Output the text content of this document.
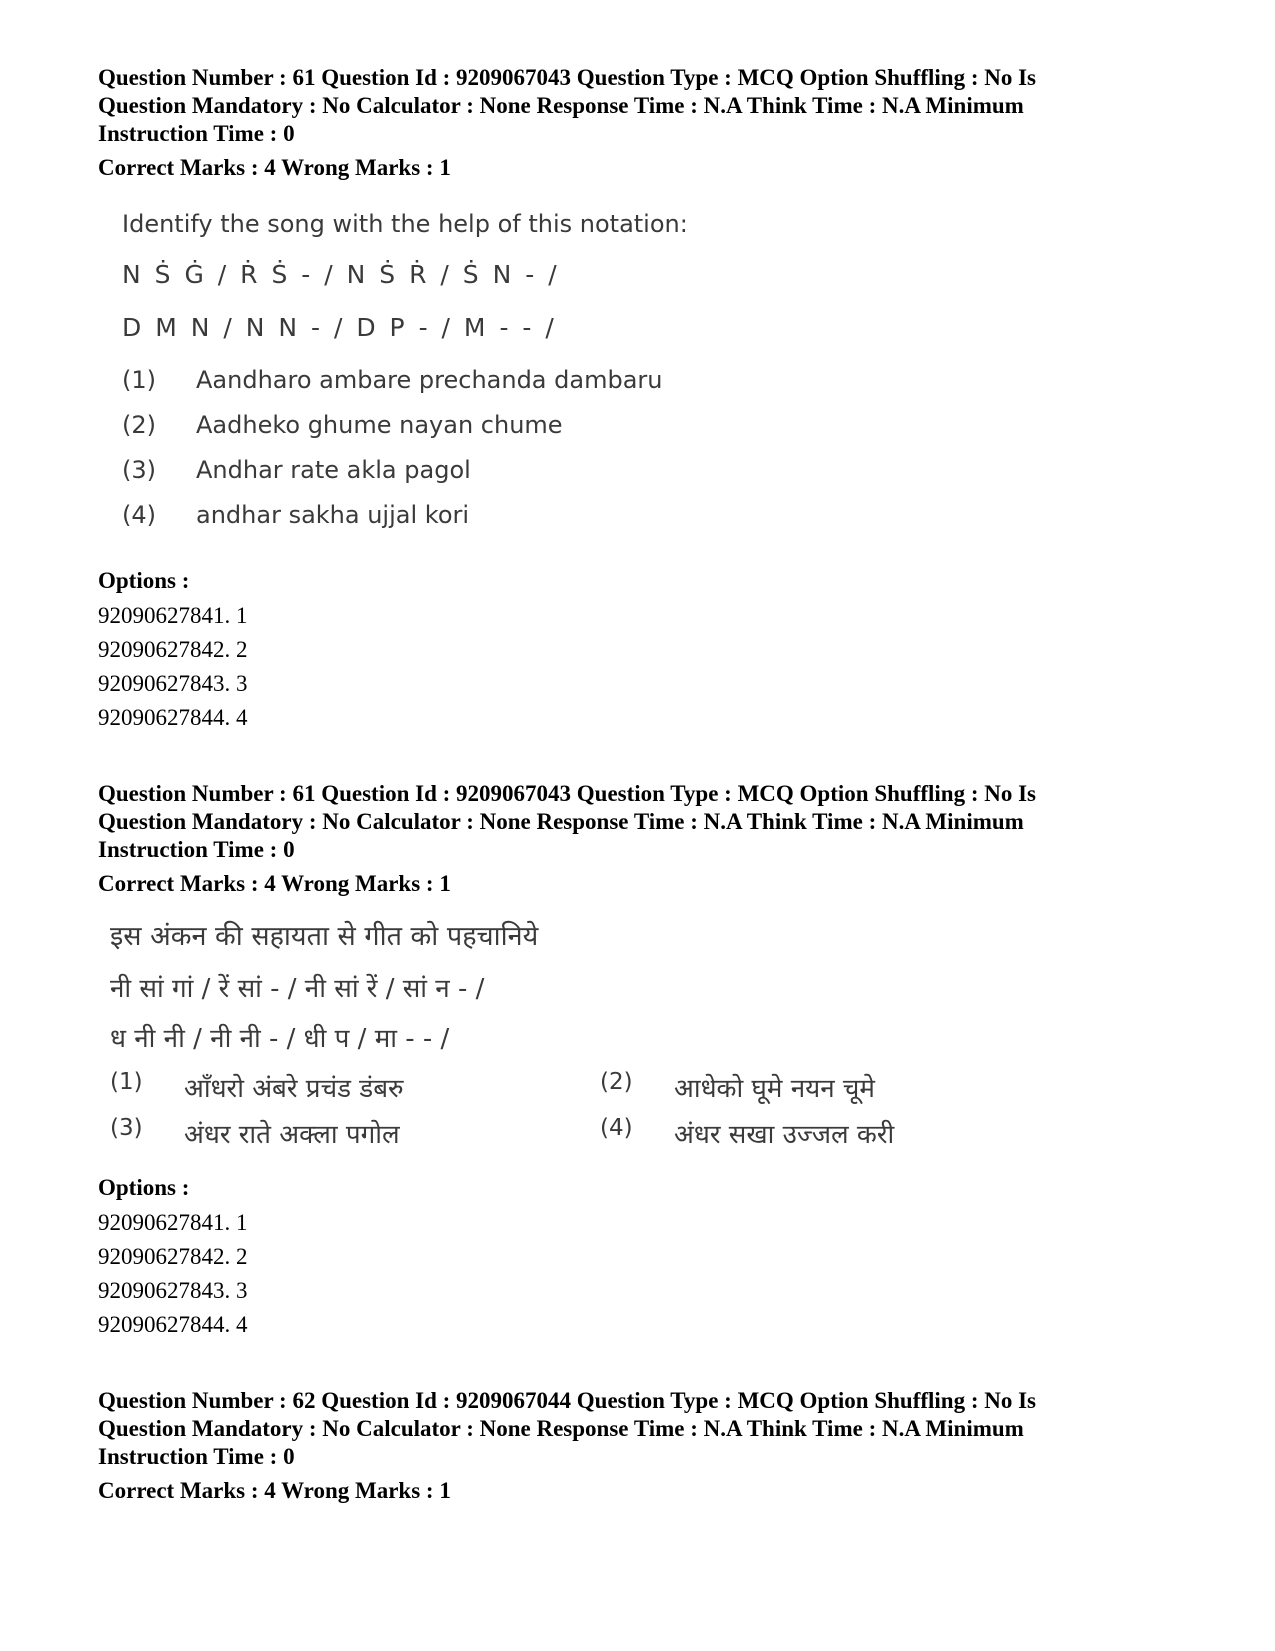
Question Number : 61 Question Id : 9209067043 Question Type : MCQ Option Shuffling : No Is

Question Mandatory : No Calculator : None Response Time : N.A Think Time : N.A Minimum

Instruction Time : 0

Correct Marks : 4 Wrong Marks : 1

Identify the song with the help of this notation:

N Ṡ Ġ / Ṙ Ṡ - / N Ṡ Ṙ / Ṡ N - /

D M N / N N - / D P - / M - - /

(1)	Aandharo ambare prechanda dambaru
(2)	Aadheko ghume nayan chume
(3)	Andhar rate akla pagol
(4)	andhar sakha ujjal kori

Options :

92090627841. 1

92090627842. 2

92090627843. 3

92090627844. 4

Question Number : 61 Question Id : 9209067043 Question Type : MCQ Option Shuffling : No Is

Question Mandatory : No Calculator : None Response Time : N.A Think Time : N.A Minimum

Instruction Time : 0

Correct Marks : 4 Wrong Marks : 1

इस अंकन की सहायता से गीत को पहचानिये

नी सां गां / रें सां - / नी सां रें / सां न - /

ध नी नी / नी नी - / धी प / मा - - /

(1)	आँधरो अंबरे प्रचंड डंबरु	(2)	आधेको घूमे नयन चूमे
(3)	अंधर राते अक्ला पगोल	(4)	अंधर सखा उज्जल करी

Options :

92090627841. 1

92090627842. 2

92090627843. 3

92090627844. 4

Question Number : 62 Question Id : 9209067044 Question Type : MCQ Option Shuffling : No Is

Question Mandatory : No Calculator : None Response Time : N.A Think Time : N.A Minimum

Instruction Time : 0

Correct Marks : 4 Wrong Marks : 1
